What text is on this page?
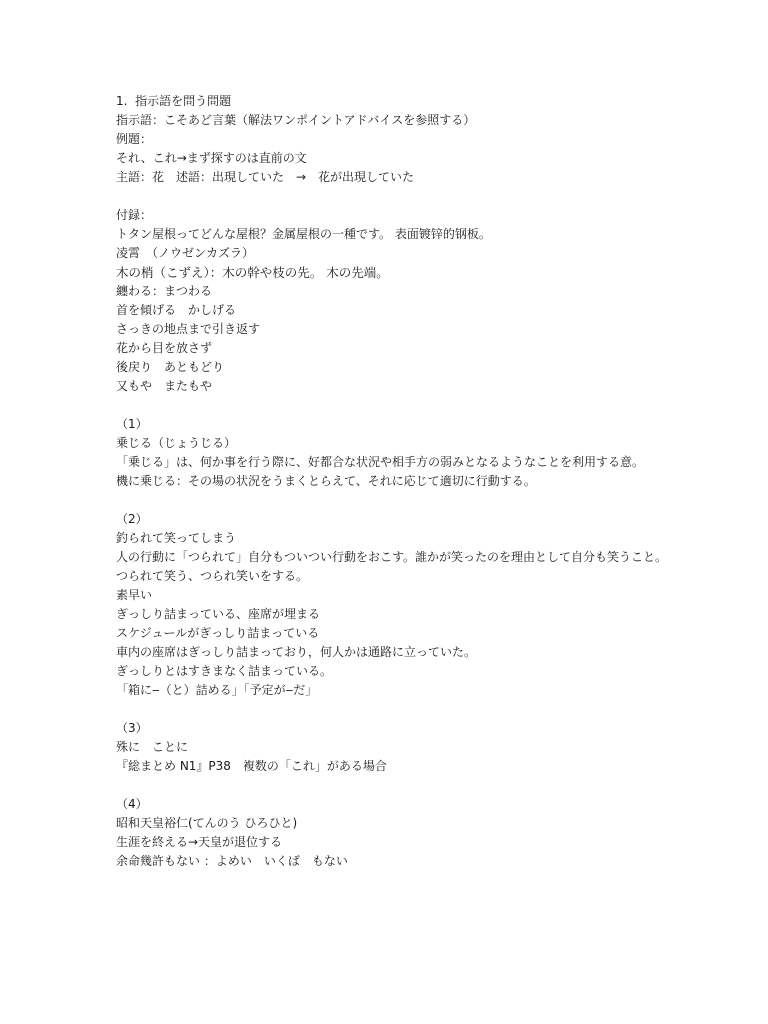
1.  指示語を問う問題

指示語：こそあど言葉（解法ワンポイントアドバイスを参照する）

例題：

それ、これ→まず探すのは直前の文

主語：花　述語：出現していた　→　花が出現していた

付録：

トタン屋根ってどんな屋根？金属屋根の一種です。 表面镀锌的钢板。

凌霄　（ノウゼンカズラ）

木の梢（こずえ）：木の幹や枝の先。 木の先端。

纏わる：まつわる

首を傾げる　かしげる

さっきの地点まで引き返す

花から目を放さず

後戻り　あともどり

又もや　またもや

（1）

乗じる（じょうじる）

「乗じる」は、何か事を行う際に、好都合な状況や相手方の弱みとなるようなことを利用する意。

機に乗じる：その場の状況をうまくとらえて、それに応じて適切に行動する。

（2）

釣られて笑ってしまう

人の行動に「つられて」自分もついつい行動をおこす。誰かが笑ったのを理由として自分も笑うこと。

つられて笑う、つられ笑いをする。

素早い

ぎっしり詰まっている、座席が埋まる

スケジュールがぎっしり詰まっている

車内の座席はぎっしり詰まっており，何人かは通路に立っていた。

ぎっしりとはすきまなく詰まっている。

「箱に‒（と）詰める」「予定が‒だ」

（3）

殊に　ことに

『総まとめ N1』P38　複数の「これ」がある場合

（4）

昭和天皇裕仁(てんのう ひろひと)

生涯を終える→天皇が退位する

余命幾許もない ：よめい　いくば　もない
